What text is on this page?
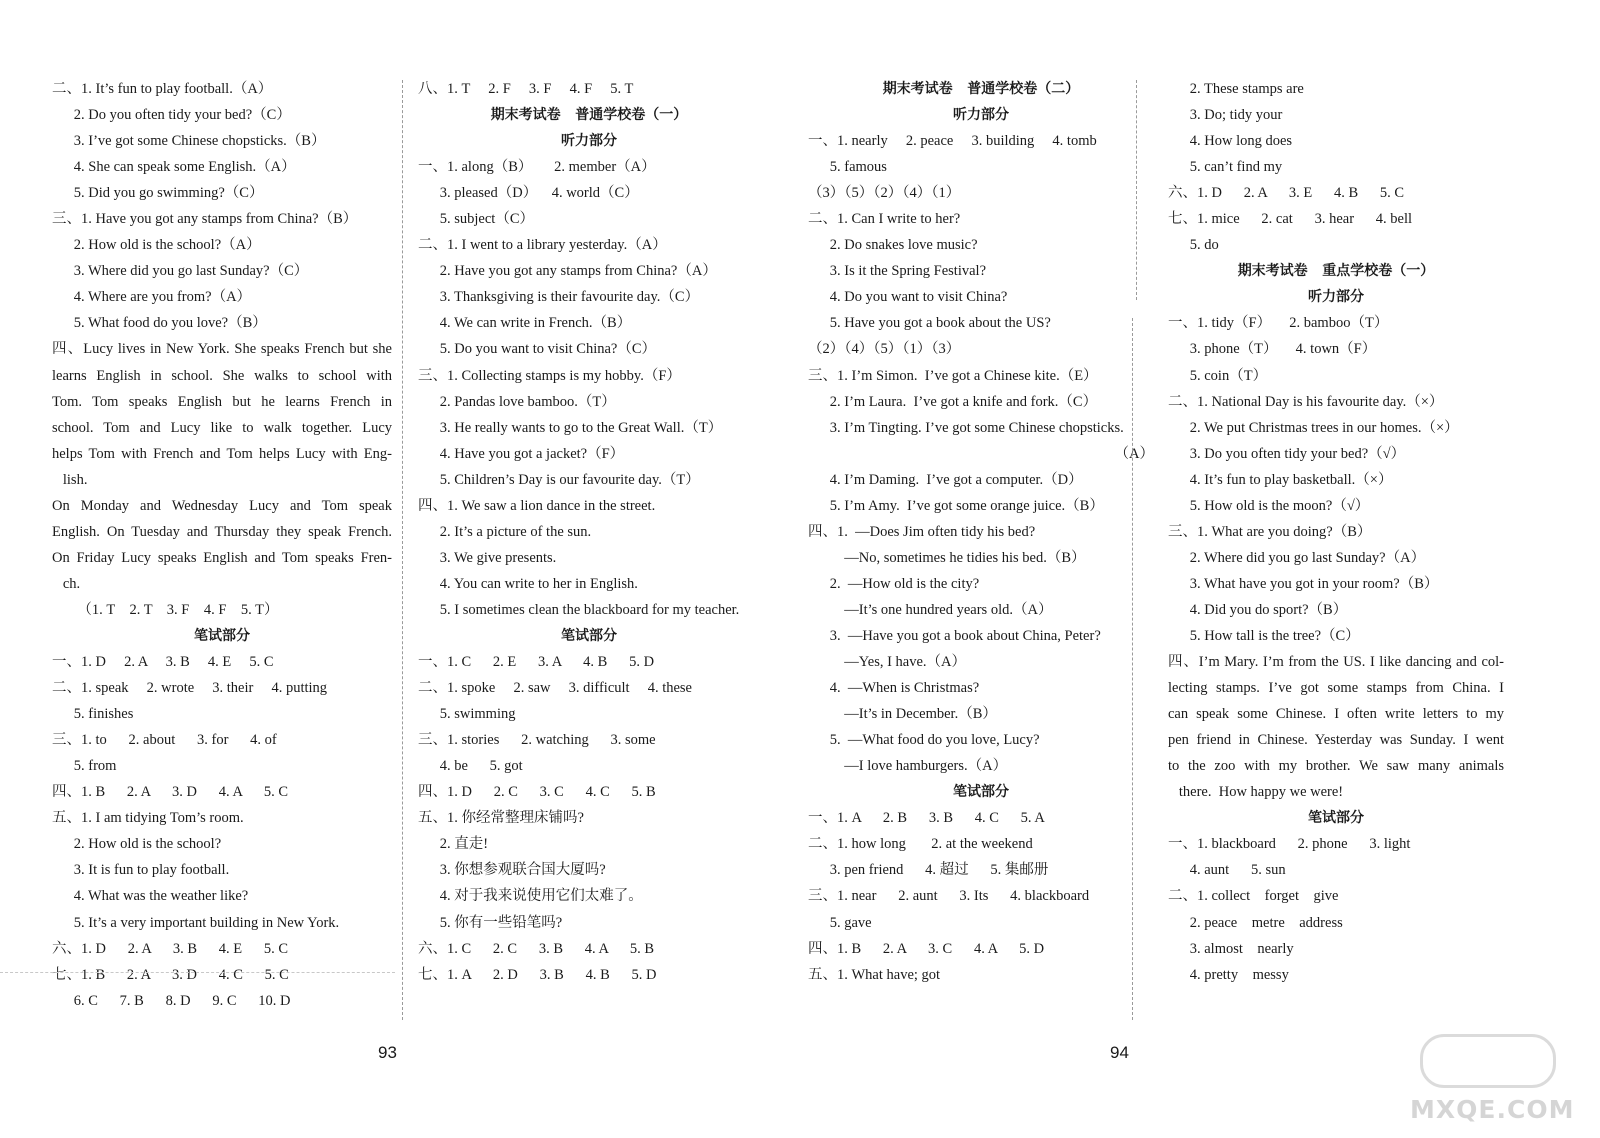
二、1. It’s fun to play football.（A）
2. Do you often tidy your bed?（C）
3. I’ve got some Chinese chopsticks.（B）
4. She can speak some English.（A）
5. Did you go swimming?（C）
三、1. Have you got any stamps from China?（B）
2. How old is the school?（A）
3. Where did you go last Sunday?（C）
4. Where are you from?（A）
5. What food do you love?（B）
四、Lucy lives in New York. She speaks French but she
learns English in school. She walks to school with
Tom. Tom speaks English but he learns French in
school. Tom and Lucy like to walk together. Lucy
helps Tom with French and Tom helps Lucy with Eng-
lish.
On Monday and Wednesday Lucy and Tom speak
English. On Tuesday and Thursday they speak French.
On Friday Lucy speaks English and Tom speaks Fren-
ch.
（1. T    2. T    3. F    4. F    5. T）
笔试部分
一、1. D     2. A     3. B     4. E     5. C
二、1. speak     2. wrote     3. their     4. putting
5. finishes
三、1. to      2. about      3. for      4. of
5. from
四、1. B      2. A      3. D      4. A      5. C
五、1. I am tidying Tom’s room.
2. How old is the school?
3. It is fun to play football.
4. What was the weather like?
5. It’s a very important building in New York.
六、1. D      2. A      3. B      4. E      5. C
七、1. B      2. A      3. D      4. C      5. C
6. C      7. B      8. D      9. C      10. D
八、1. T     2. F     3. F     4. F     5. T
期末考试卷   普通学校卷（一）
听力部分
一、1. along（B）      2. member（A）
3. pleased（D）    4. world（C）
5. subject（C）
二、1. I went to a library yesterday.（A）
2. Have you got any stamps from China?（A）
3. Thanksgiving is their favourite day.（C）
4. We can write in French.（B）
5. Do you want to visit China?（C）
三、1. Collecting stamps is my hobby.（F）
2. Pandas love bamboo.（T）
3. He really wants to go to the Great Wall.（T）
4. Have you got a jacket?（F）
5. Children’s Day is our favourite day.（T）
四、1. We saw a lion dance in the street.
2. It’s a picture of the sun.
3. We give presents.
4. You can write to her in English.
5. I sometimes clean the blackboard for my teacher.
笔试部分
一、1. C      2. E      3. A      4. B      5. D
二、1. spoke     2. saw     3. difficult     4. these
5. swimming
三、1. stories      2. watching      3. some
4. be      5. got
四、1. D      2. C      3. C      4. C      5. B
五、1. 你经常整理床铺吗?
2. 直走!
3. 你想参观联合国大厦吗?
4. 对于我来说使用它们太难了。
5. 你有一些铅笔吗?
六、1. C      2. C      3. B      4. A      5. B
七、1. A      2. D      3. B      4. B      5. D
期末考试卷   普通学校卷（二）
听力部分
一、1. nearly     2. peace     3. building     4. tomb
5. famous
（3）（5）（2）（4）（1）
二、1. Can I write to her?
2. Do snakes love music?
3. Is it the Spring Festival?
4. Do you want to visit China?
5. Have you got a book about the US?
（2）（4）（5）（1）（3）
三、1. I’m Simon.  I’ve got a Chinese kite.（E）
2. I’m Laura.  I’ve got a knife and fork.（C）
3. I’m Tingting. I’ve got some Chinese chopsticks.
（A）
4. I’m Daming.  I’ve got a computer.（D）
5. I’m Amy.  I’ve got some orange juice.（B）
四、1.  —Does Jim often tidy his bed?
—No, sometimes he tidies his bed.（B）
2.  —How old is the city?
—It’s one hundred years old.（A）
3.  —Have you got a book about China, Peter?
—Yes, I have.（A）
4.  —When is Christmas?
—It’s in December.（B）
5.  —What food do you love, Lucy?
—I love hamburgers.（A）
笔试部分
一、1. A      2. B      3. B      4. C      5. A
二、1. how long       2. at the weekend
3. pen friend      4. 超过      5. 集邮册
三、1. near      2. aunt      3. Its      4. blackboard
5. gave
四、1. B      2. A      3. C      4. A      5. D
五、1. What have; got
2. These stamps are
3. Do; tidy your
4. How long does
5. can’t find my
六、1. D      2. A      3. E      4. B      5. C
七、1. mice      2. cat      3. hear      4. bell
5. do
期末考试卷   重点学校卷（一）
听力部分
一、1. tidy（F）     2. bamboo（T）
3. phone（T）     4. town（F）
5. coin（T）
二、1. National Day is his favourite day.（×）
2. We put Christmas trees in our homes.（×）
3. Do you often tidy your bed?（√）
4. It’s fun to play basketball.（×）
5. How old is the moon?（√）
三、1. What are you doing?（B）
2. Where did you go last Sunday?（A）
3. What have you got in your room?（B）
4. Did you do sport?（B）
5. How tall is the tree?（C）
四、I’m Mary. I’m from the US. I like dancing and col-
lecting stamps. I’ve got some stamps from China. I
can speak some Chinese. I often write letters to my
pen friend in Chinese. Yesterday was Sunday. I went
to the zoo with my brother. We saw many animals
there.  How happy we were!
笔试部分
一、1. blackboard      2. phone      3. light
4. aunt      5. sun
二、1. collect    forget    give
2. peace    metre    address
3. almost    nearly
4. pretty    messy
93	94
MXQE.COM
